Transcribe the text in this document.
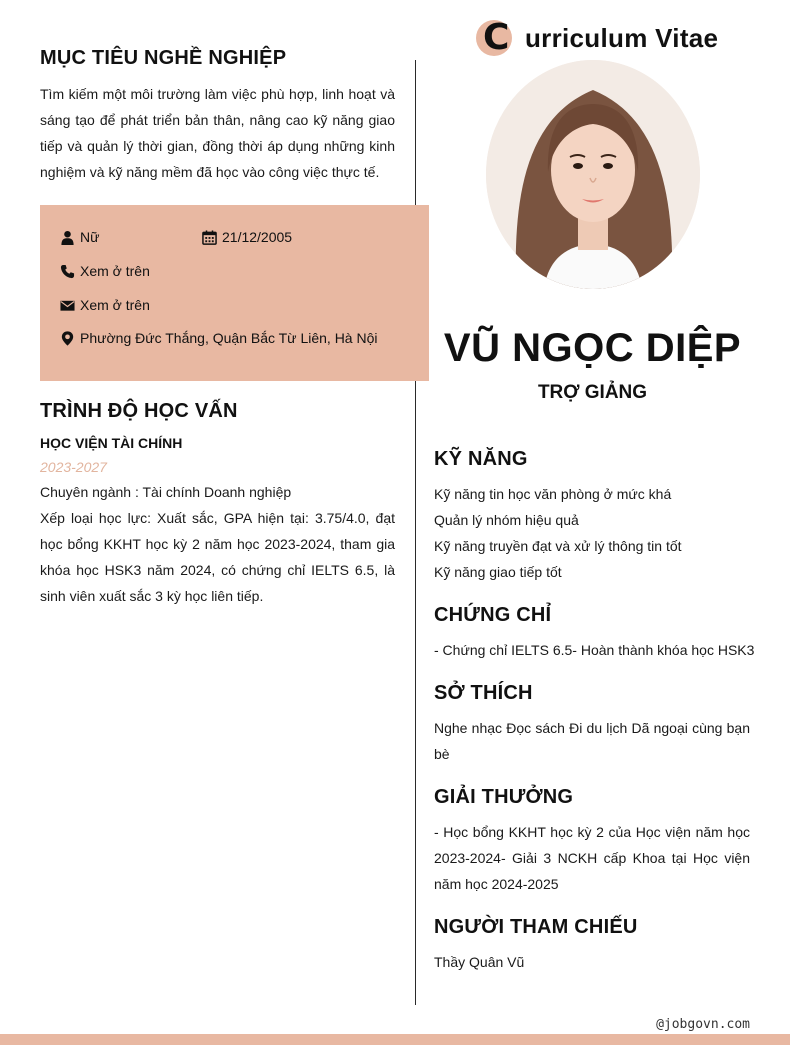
MỤC TIÊU NGHỀ NGHIỆP
Tìm kiếm một môi trường làm việc phù hợp, linh hoạt và sáng tạo để phát triển bản thân, nâng cao kỹ năng giao tiếp và quản lý thời gian, đồng thời áp dụng những kinh nghiệm và kỹ năng mềm đã học vào công việc thực tế.
Nữ	21/12/2005
Xem ở trên
Xem ở trên
Phường Đức Thắng, Quận Bắc Từ Liên, Hà Nội
TRÌNH ĐỘ HỌC VẤN
HỌC VIỆN TÀI CHÍNH
2023-2027
Chuyên ngành : Tài chính Doanh nghiệp
Xếp loại học lực: Xuất sắc, GPA hiện tại: 3.75/4.0, đạt học bổng KKHT học kỳ 2 năm học 2023-2024, tham gia khóa học HSK3 năm 2024, có chứng chỉ IELTS 6.5, là sinh viên xuất sắc 3 kỳ học liên tiếp.
C urriculum Vitae
VŨ NGỌC DIỆP
TRỢ GIẢNG
KỸ NĂNG
Kỹ năng tin học văn phòng ở mức khá
Quản lý nhóm hiệu quả
Kỹ năng truyền đạt và xử lý thông tin tốt
Kỹ năng giao tiếp tốt
CHỨNG CHỈ
- Chứng chỉ IELTS 6.5- Hoàn thành khóa học HSK3
SỞ THÍCH
Nghe nhạc Đọc sách Đi du lịch Dã ngoại cùng bạn bè
GIẢI THƯỞNG
- Học bổng KKHT học kỳ 2 của Học viện năm học 2023-2024- Giải 3 NCKH cấp Khoa tại Học viện năm học 2024-2025
NGƯỜI THAM CHIẾU
Thầy Quân Vũ
@jobgovn.com
